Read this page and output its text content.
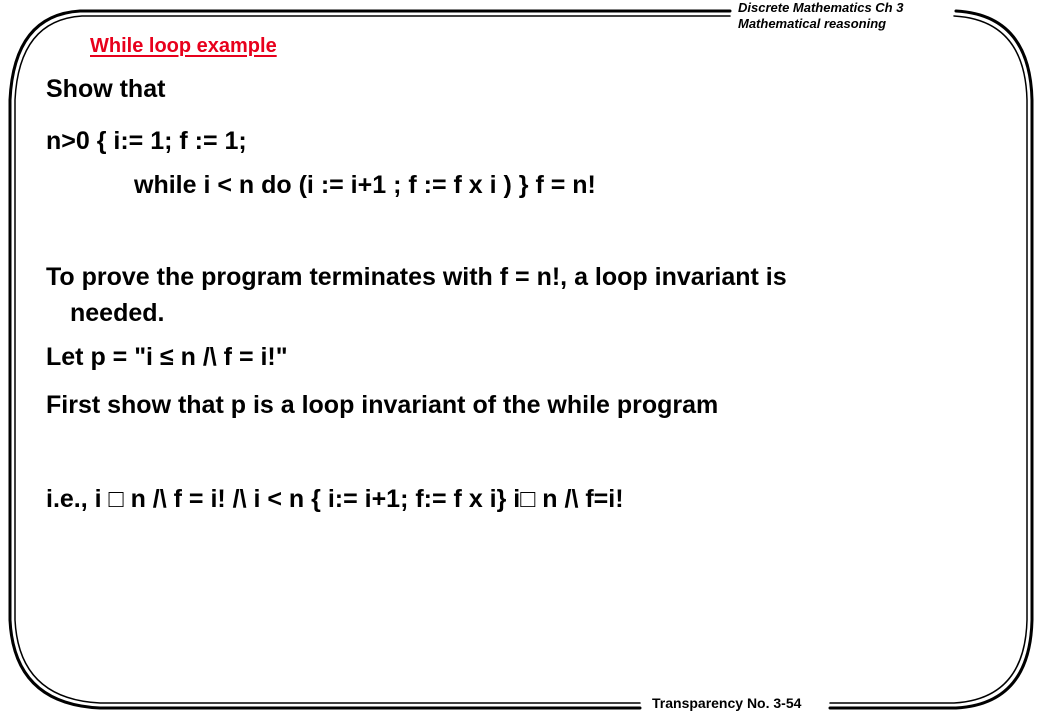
Discrete Mathematics Ch 3
Mathematical reasoning
While loop example
Show that
n>0 { i:= 1; f := 1;
while i < n do (i := i+1 ; f := f x i ) } f = n!
To prove the program terminates with f = n!, a loop invariant is
needed.
Let p = "i ≤ n /\ f = i!"
First show that p is a loop invariant of the while program
i.e., i □ n /\ f = i! /\ i < n { i:= i+1; f:= f x i} i□ n /\ f=i!
Transparency No. 3-54
